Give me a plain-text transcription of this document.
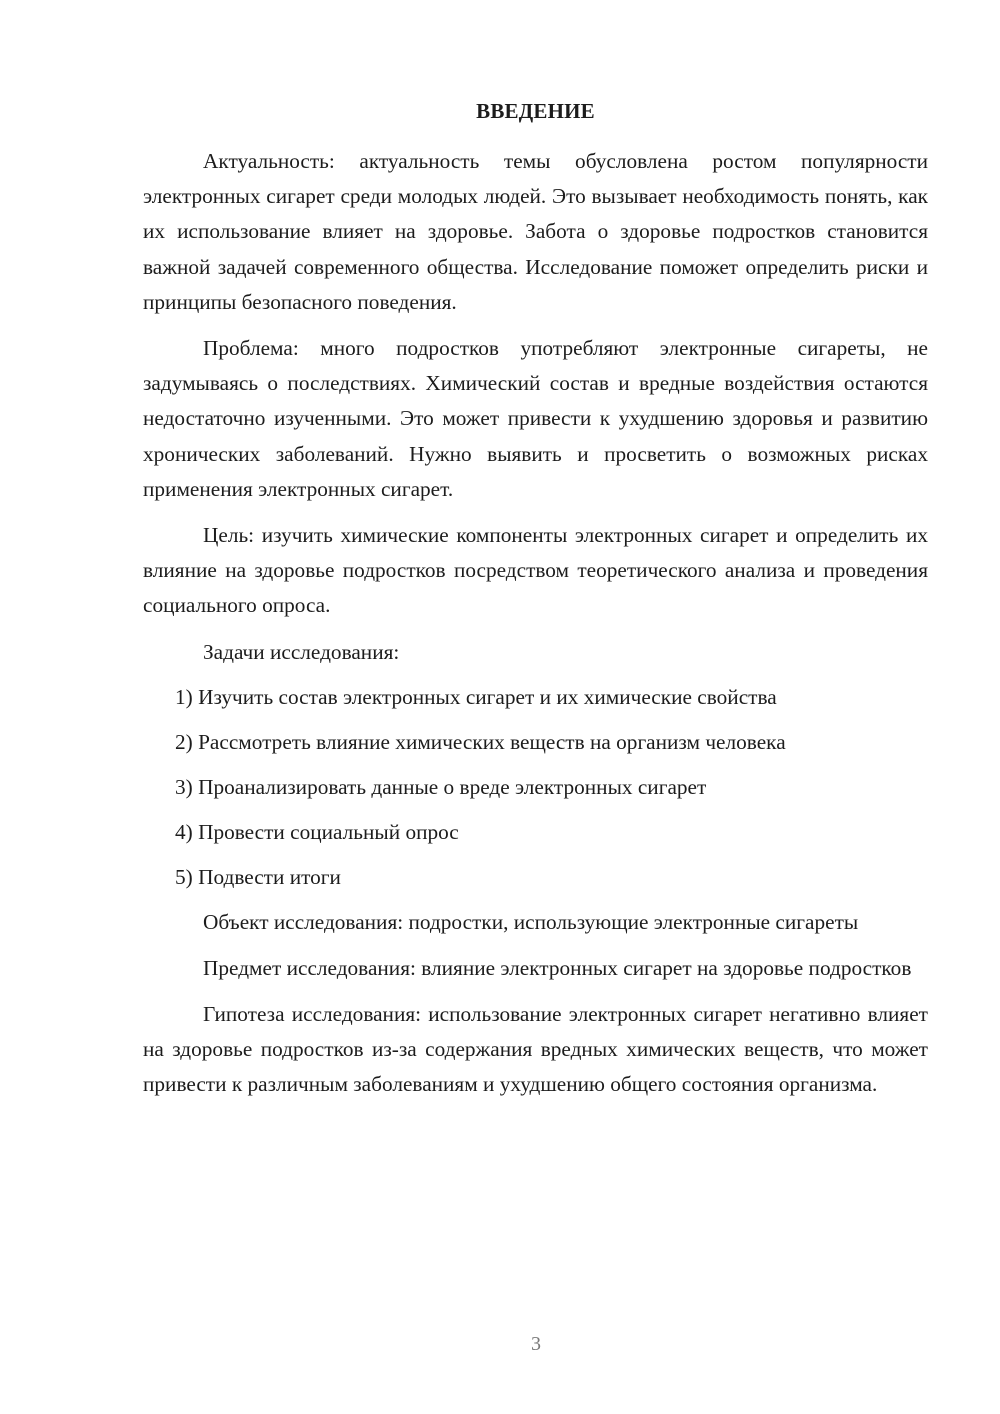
ВВЕДЕНИЕ

Актуальность: актуальность темы обусловлена ростом популярности электронных сигарет среди молодых людей. Это вызывает необходимость понять, как их использование влияет на здоровье. Забота о здоровье подростков становится важной задачей современного общества. Исследование поможет определить риски и принципы безопасного поведения.

Проблема: много подростков употребляют электронные сигареты, не задумываясь о последствиях. Химический состав и вредные воздействия остаются недостаточно изученными. Это может привести к ухудшению здоровья и развитию хронических заболеваний. Нужно выявить и просветить о возможных рисках применения электронных сигарет.

Цель: изучить химические компоненты электронных сигарет и определить их влияние на здоровье подростков посредством теоретического анализа и проведения социального опроса.

Задачи исследования:

1) Изучить состав электронных сигарет и их химические свойства
2) Рассмотреть влияние химических веществ на организм человека
3) Проанализировать данные о вреде электронных сигарет
4) Провести социальный опрос
5) Подвести итоги

Объект исследования: подростки, использующие электронные сигареты

Предмет исследования: влияние электронных сигарет на здоровье подростков

Гипотеза исследования: использование электронных сигарет негативно влияет на здоровье подростков из-за содержания вредных химических веществ, что может привести к различным заболеваниям и ухудшению общего состояния организма.

3
